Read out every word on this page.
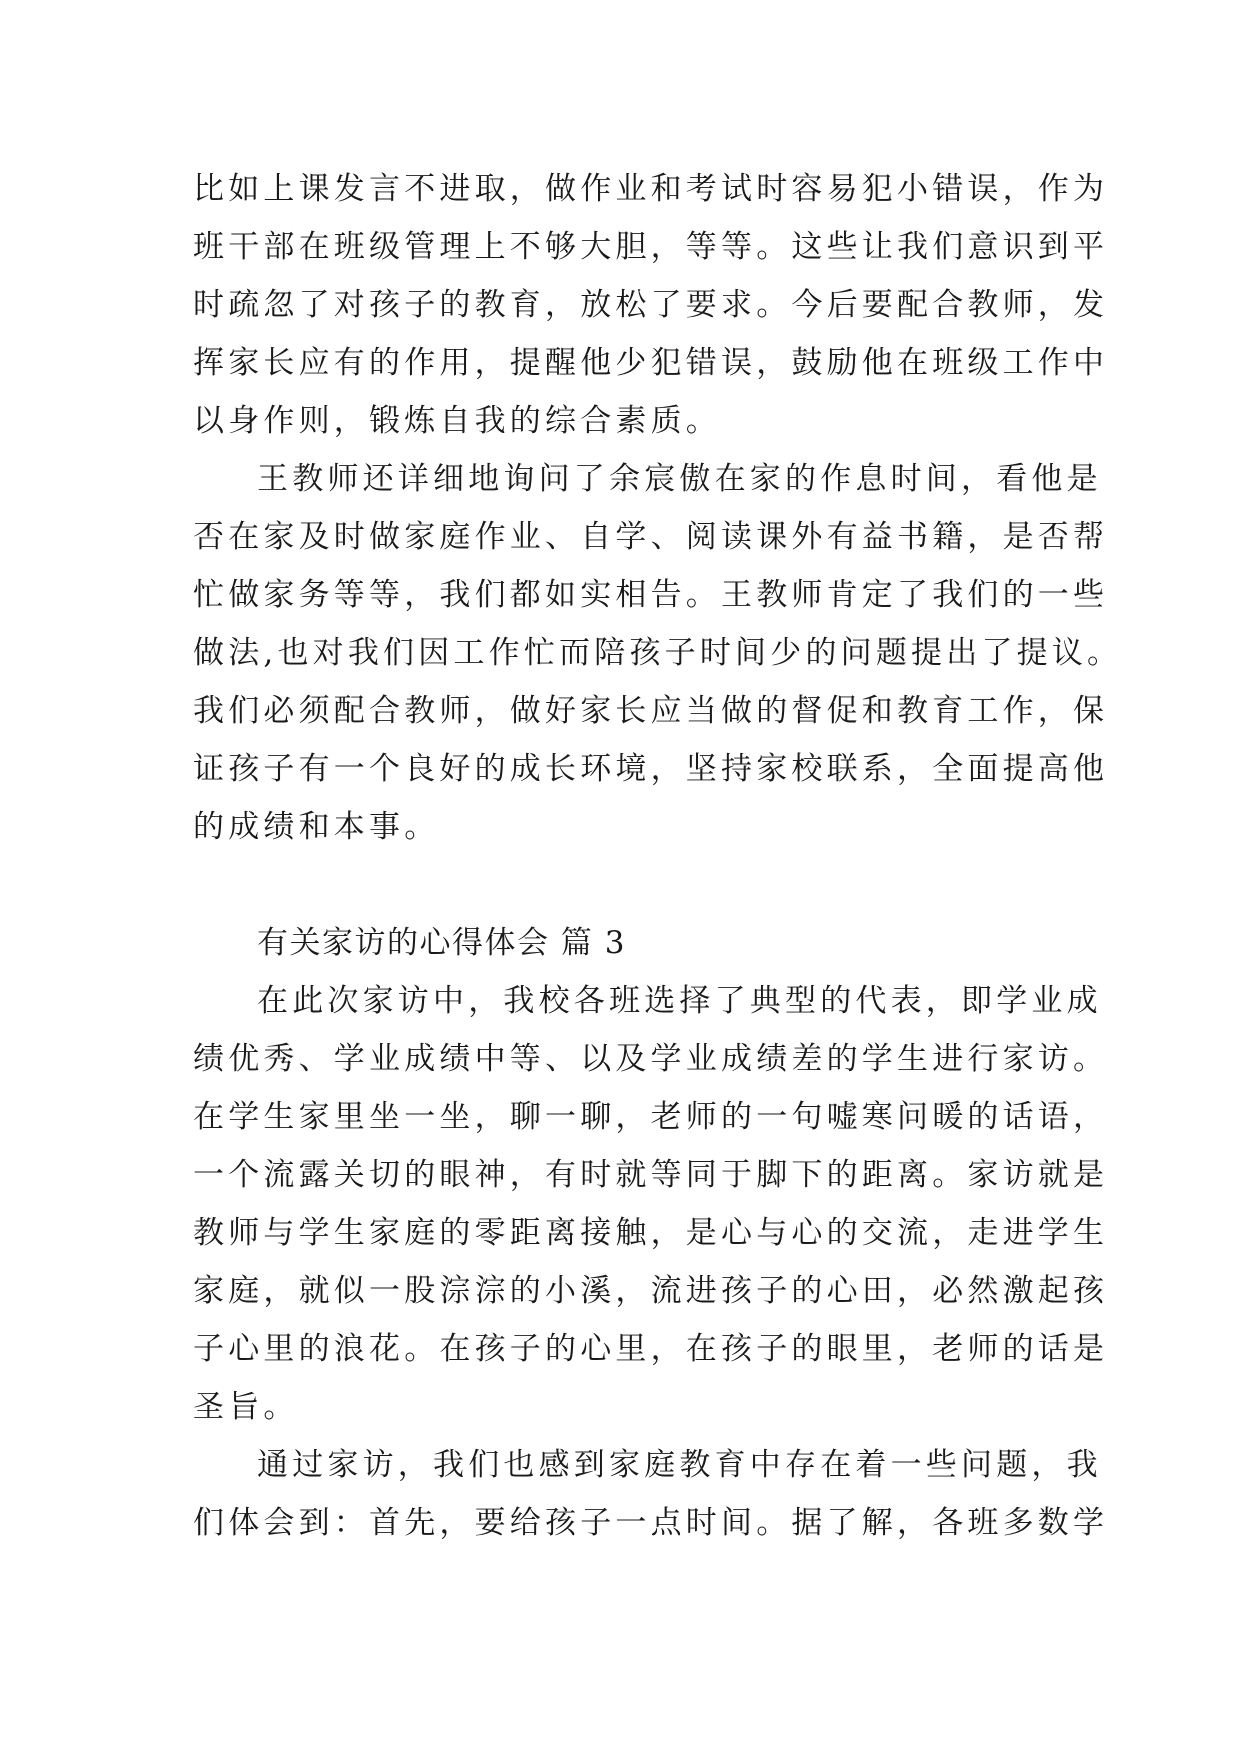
比如上课发言不进取，做作业和考试时容易犯小错误，作为

班干部在班级管理上不够大胆，等等。这些让我们意识到平

时疏忽了对孩子的教育，放松了要求。今后要配合教师，发

挥家长应有的作用，提醒他少犯错误，鼓励他在班级工作中

以身作则，锻炼自我的综合素质。

王教师还详细地询问了余宸傲在家的作息时间，看他是

否在家及时做家庭作业、自学、阅读课外有益书籍，是否帮

忙做家务等等，我们都如实相告。王教师肯定了我们的一些

做法,也对我们因工作忙而陪孩子时间少的问题提出了提议。

我们必须配合教师，做好家长应当做的督促和教育工作，保

证孩子有一个良好的成长环境，坚持家校联系，全面提高他

的成绩和本事。

有关家访的心得体会 篇 3

在此次家访中，我校各班选择了典型的代表，即学业成

绩优秀、学业成绩中等、以及学业成绩差的学生进行家访。

在学生家里坐一坐，聊一聊，老师的一句嘘寒问暖的话语，

一个流露关切的眼神，有时就等同于脚下的距离。家访就是

教师与学生家庭的零距离接触，是心与心的交流，走进学生

家庭，就似一股淙淙的小溪，流进孩子的心田，必然激起孩

子心里的浪花。在孩子的心里，在孩子的眼里，老师的话是

圣旨。

通过家访，我们也感到家庭教育中存在着一些问题，我

们体会到：首先，要给孩子一点时间。据了解，各班多数学
